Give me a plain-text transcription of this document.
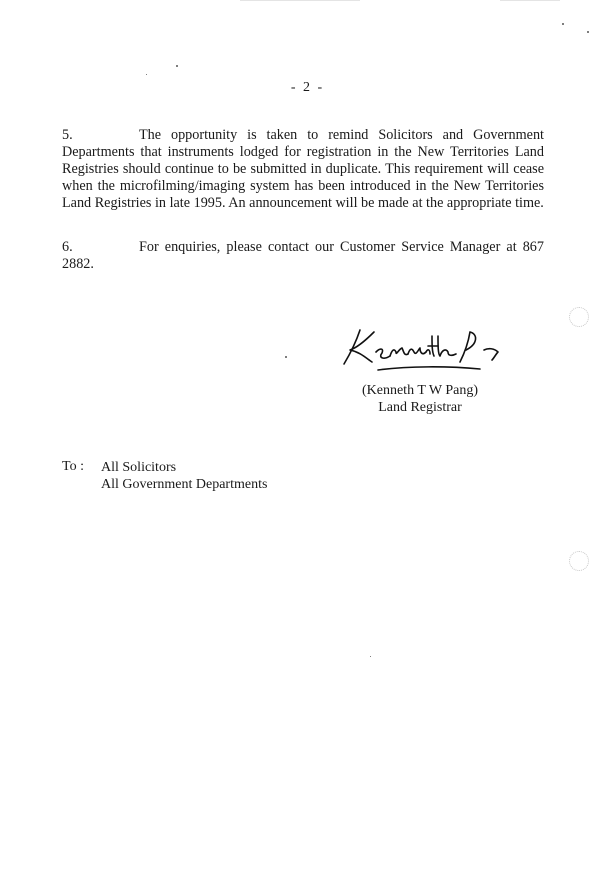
- 2 -
5.	The opportunity is taken to remind Solicitors and Government Departments that instruments lodged for registration in the New Territories Land Registries should continue to be submitted in duplicate. This requirement will cease when the microfilming/imaging system has been introduced in the New Territories Land Registries in late 1995. An announcement will be made at the appropriate time.
6.	For enquiries, please contact our Customer Service Manager at 867 2882.
(Kenneth T W Pang)
Land Registrar
To : All Solicitors
All Government Departments
